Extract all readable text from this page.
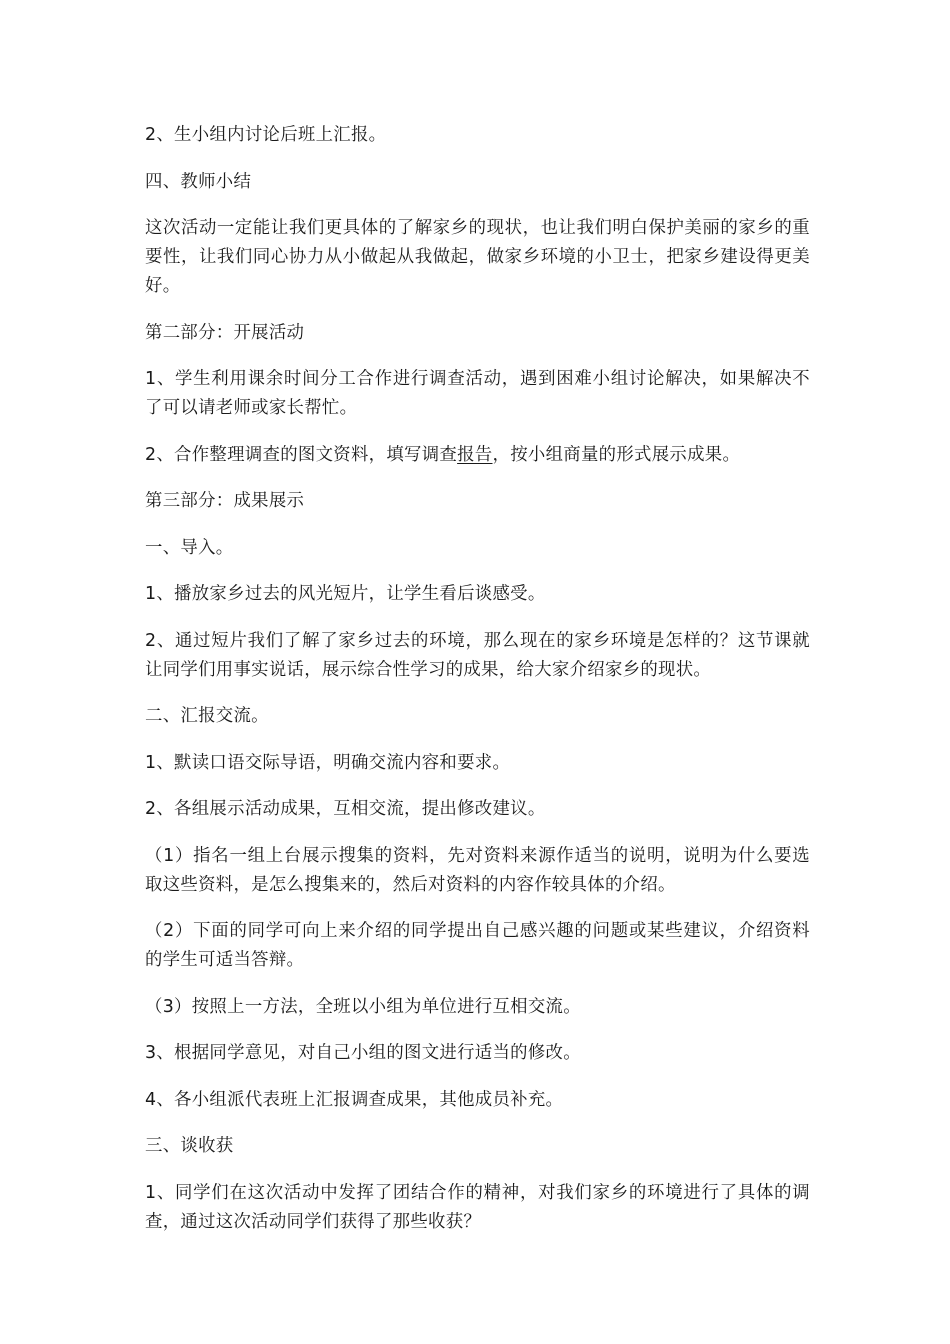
2、生小组内讨论后班上汇报。

四、教师小结

这次活动一定能让我们更具体的了解家乡的现状，也让我们明白保护美丽的家乡的重要性，让我们同心协力从小做起从我做起，做家乡环境的小卫士，把家乡建设得更美好。

第二部分：开展活动

1、学生利用课余时间分工合作进行调查活动，遇到困难小组讨论解决，如果解决不了可以请老师或家长帮忙。

2、合作整理调查的图文资料，填写调查报告，按小组商量的形式展示成果。

第三部分：成果展示

一、导入。

1、播放家乡过去的风光短片，让学生看后谈感受。

2、通过短片我们了解了家乡过去的环境，那么现在的家乡环境是怎样的？这节课就让同学们用事实说话，展示综合性学习的成果，给大家介绍家乡的现状。

二、汇报交流。

1、默读口语交际导语，明确交流内容和要求。

2、各组展示活动成果，互相交流，提出修改建议。

（1）指名一组上台展示搜集的资料，先对资料来源作适当的说明，说明为什么要选取这些资料，是怎么搜集来的，然后对资料的内容作较具体的介绍。

（2）下面的同学可向上来介绍的同学提出自己感兴趣的问题或某些建议，介绍资料的学生可适当答辩。

（3）按照上一方法，全班以小组为单位进行互相交流。

3、根据同学意见，对自己小组的图文进行适当的修改。

4、各小组派代表班上汇报调查成果，其他成员补充。

三、谈收获

1、同学们在这次活动中发挥了团结合作的精神，对我们家乡的环境进行了具体的调查，通过这次活动同学们获得了那些收获？
